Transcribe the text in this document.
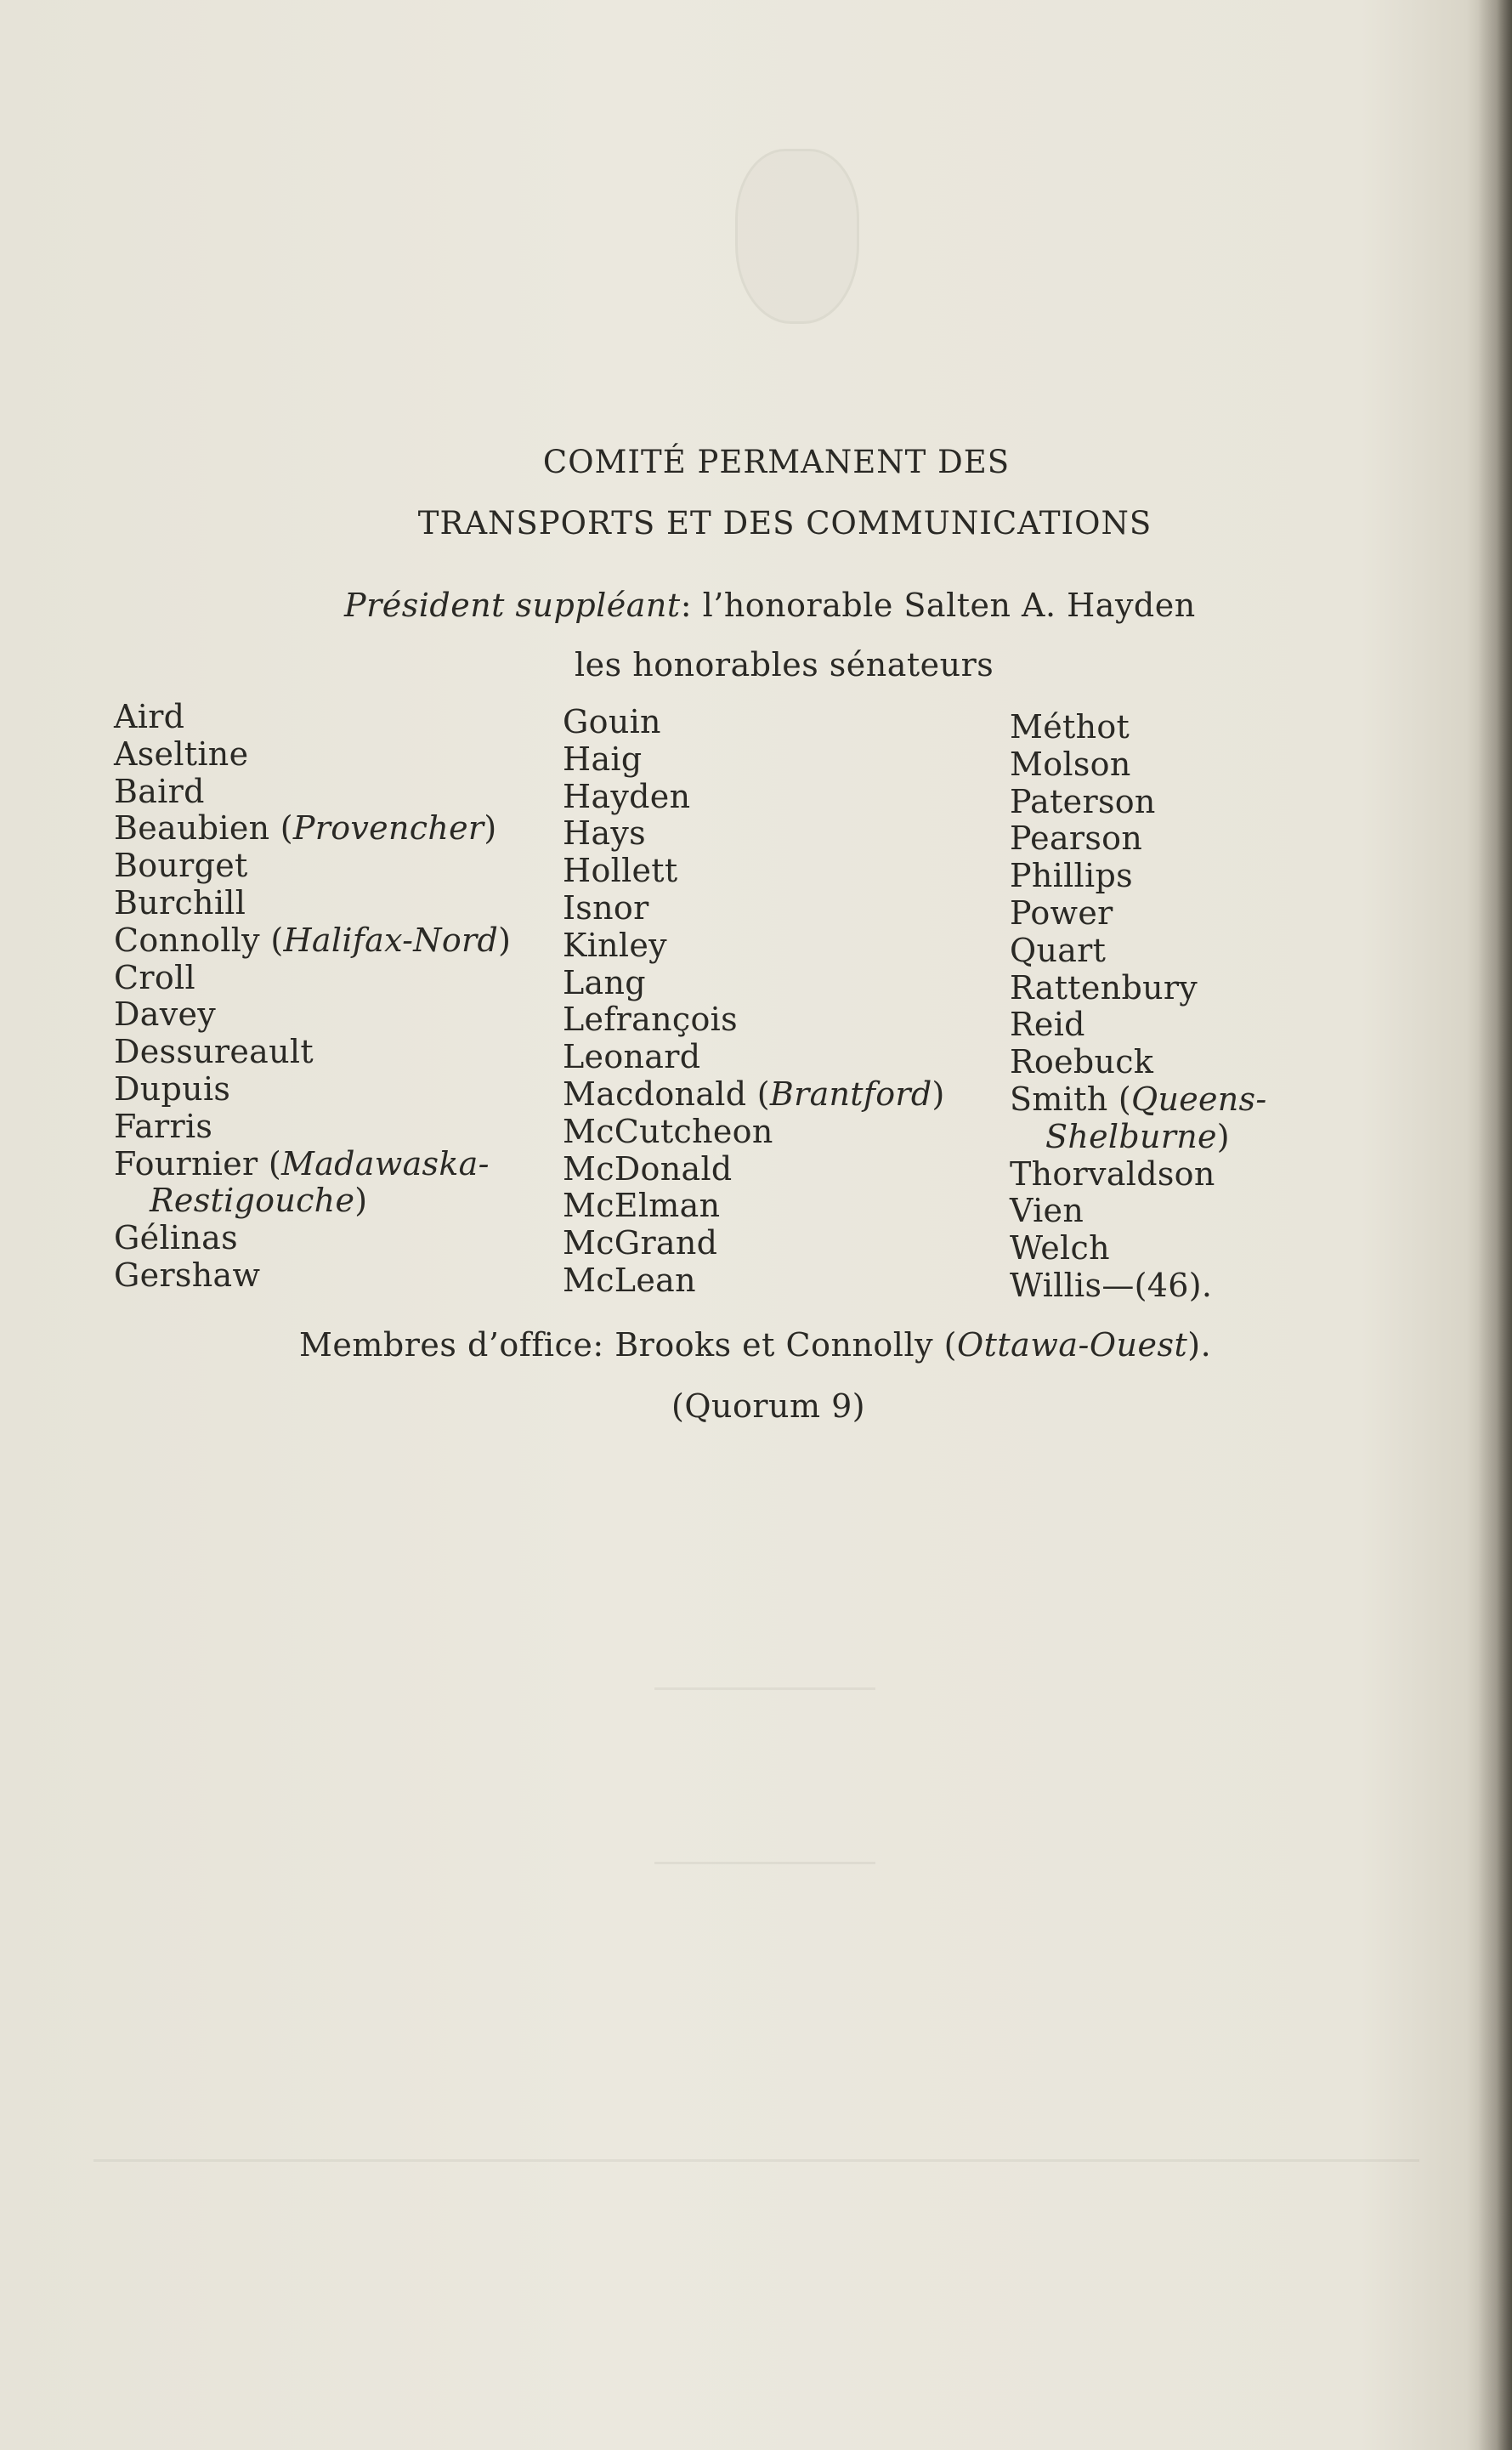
COMITÉ PERMANENT DES
TRANSPORTS ET DES COMMUNICATIONS
Président suppléant: l’honorable Salten A. Hayden
les honorables sénateurs
Aird
Aseltine
Baird
Beaubien (Provencher)
Bourget
Burchill
Connolly (Halifax-Nord)
Croll
Davey
Dessureault
Dupuis
Farris
Fournier (Madawaska-
Restigouche)
Gélinas
Gershaw
Gouin
Haig
Hayden
Hays
Hollett
Isnor
Kinley
Lang
Lefrançois
Leonard
Macdonald (Brantford)
McCutcheon
McDonald
McElman
McGrand
McLean
Méthot
Molson
Paterson
Pearson
Phillips
Power
Quart
Rattenbury
Reid
Roebuck
Smith (Queens-
Shelburne)
Thorvaldson
Vien
Welch
Willis—(46).
Membres d’office: Brooks et Connolly (Ottawa-Ouest).
(Quorum 9)
